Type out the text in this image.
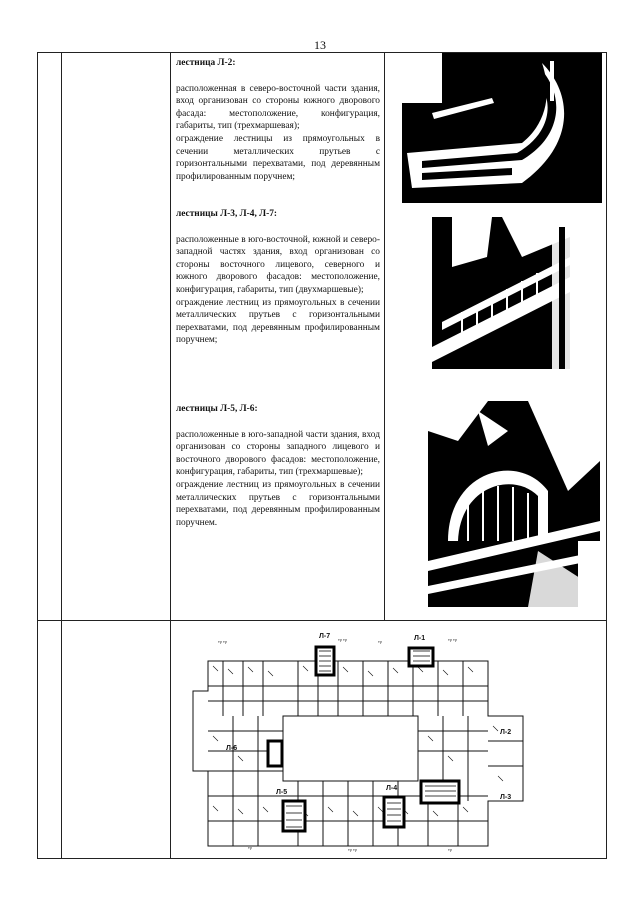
13
лестница Л-2:
расположенная в северо-восточной части здания, вход организован со стороны южного дворового фасада: местоположение, конфигурация, габариты, тип (трехмаршевая);
ограждение лестницы из прямоугольных в сечении металлических прутьев с горизонтальными перехватами, под деревянным профилированным поручнем;
лестницы Л-3, Л-4, Л-7:
расположенные в юго-восточной, южной и северо-западной частях здания, вход организован со стороны восточного лицевого, северного и южного дворового фасадов: местоположение, конфигурация, габариты, тип (двухмаршевые);
ограждение лестниц из прямоугольных в сечении металлических прутьев с горизонтальными перехватами, под деревянным профилированным поручнем;
лестницы Л-5, Л-6:
расположенные в юго-западной части здания, вход организован со стороны западного лицевого и восточного дворового фасадов: местоположение, конфигурация, габариты, тип (трехмаршевые);
ограждение лестниц из прямоугольных в сечении металлических прутьев с горизонтальными перехватами, под деревянным профилированным поручнем.
ту ту	ту ту
ту
ту ту
ту	ту ту	ту
Л-7	Л-1
Л-6
Л-2
Л-5
Л-4
Л-3
